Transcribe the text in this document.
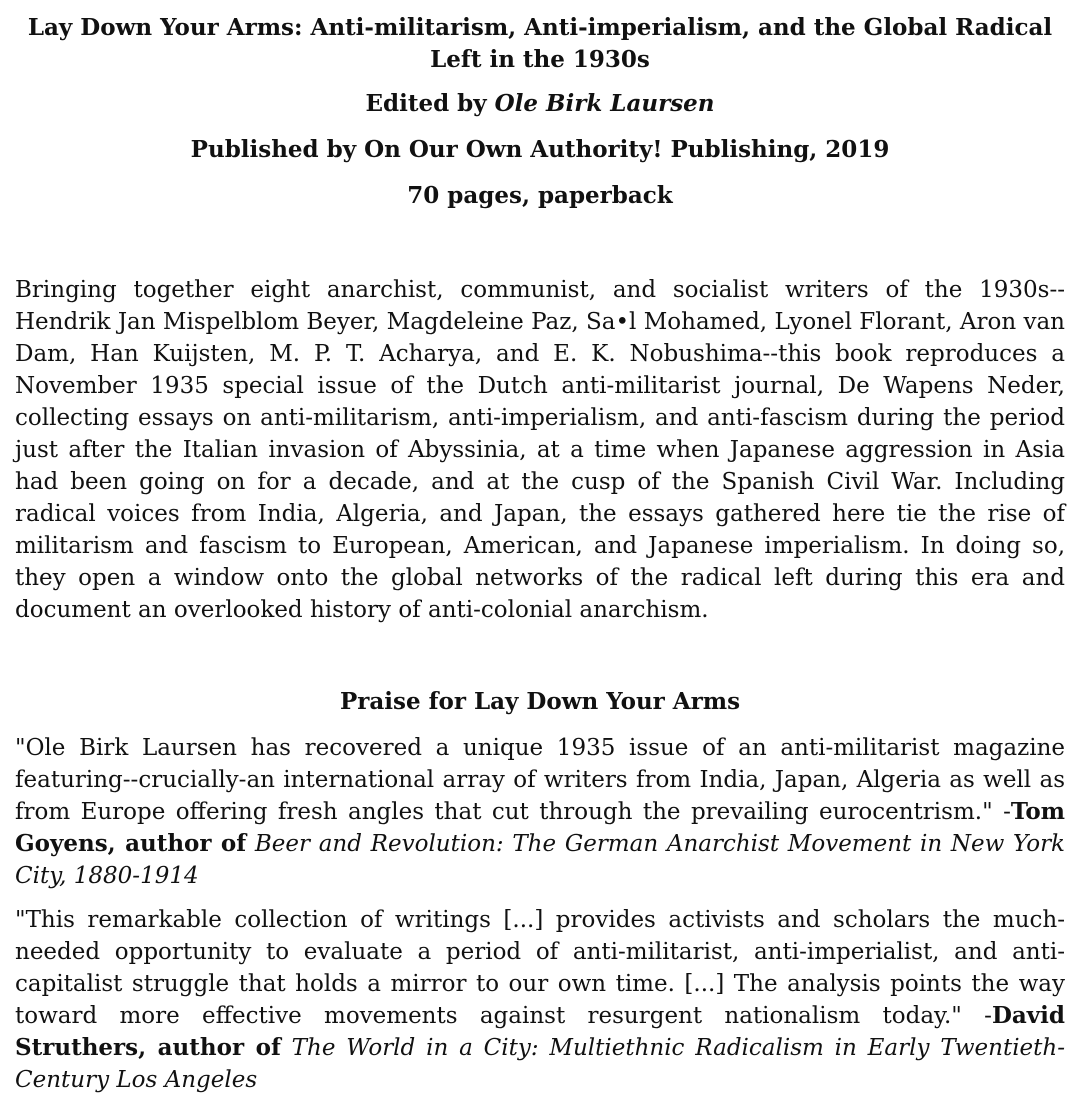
Lay Down Your Arms: Anti-militarism, Anti-imperialism, and the Global Radical Left in the 1930s

Edited by Ole Birk Laursen

Published by On Our Own Authority! Publishing, 2019

70 pages, paperback

Bringing together eight anarchist, communist, and socialist writers of the 1930s--Hendrik Jan Mispelblom Beyer, Magdeleine Paz, Sa•l Mohamed, Lyonel Florant, Aron van Dam, Han Kuijsten, M. P. T. Acharya, and E. K. Nobushima--this book reproduces a November 1935 special issue of the Dutch anti-militarist journal, De Wapens Neder, collecting essays on anti-militarism, anti-imperialism, and anti-fascism during the period just after the Italian invasion of Abyssinia, at a time when Japanese aggression in Asia had been going on for a decade, and at the cusp of the Spanish Civil War. Including radical voices from India, Algeria, and Japan, the essays gathered here tie the rise of militarism and fascism to European, American, and Japanese imperialism. In doing so, they open a window onto the global networks of the radical left during this era and document an overlooked history of anti-colonial anarchism.

Praise for Lay Down Your Arms

"Ole Birk Laursen has recovered a unique 1935 issue of an anti-militarist magazine featuring--crucially-an international array of writers from India, Japan, Algeria as well as from Europe offering fresh angles that cut through the prevailing eurocentrism." -Tom Goyens, author of Beer and Revolution: The German Anarchist Movement in New York City, 1880-1914

"This remarkable collection of writings [...] provides activists and scholars the much-needed opportunity to evaluate a period of anti-militarist, anti-imperialist, and anti-capitalist struggle that holds a mirror to our own time. [...] The analysis points the way toward more effective movements against resurgent nationalism today." -David Struthers, author of The World in a City: Multiethnic Radicalism in Early Twentieth-Century Los Angeles
